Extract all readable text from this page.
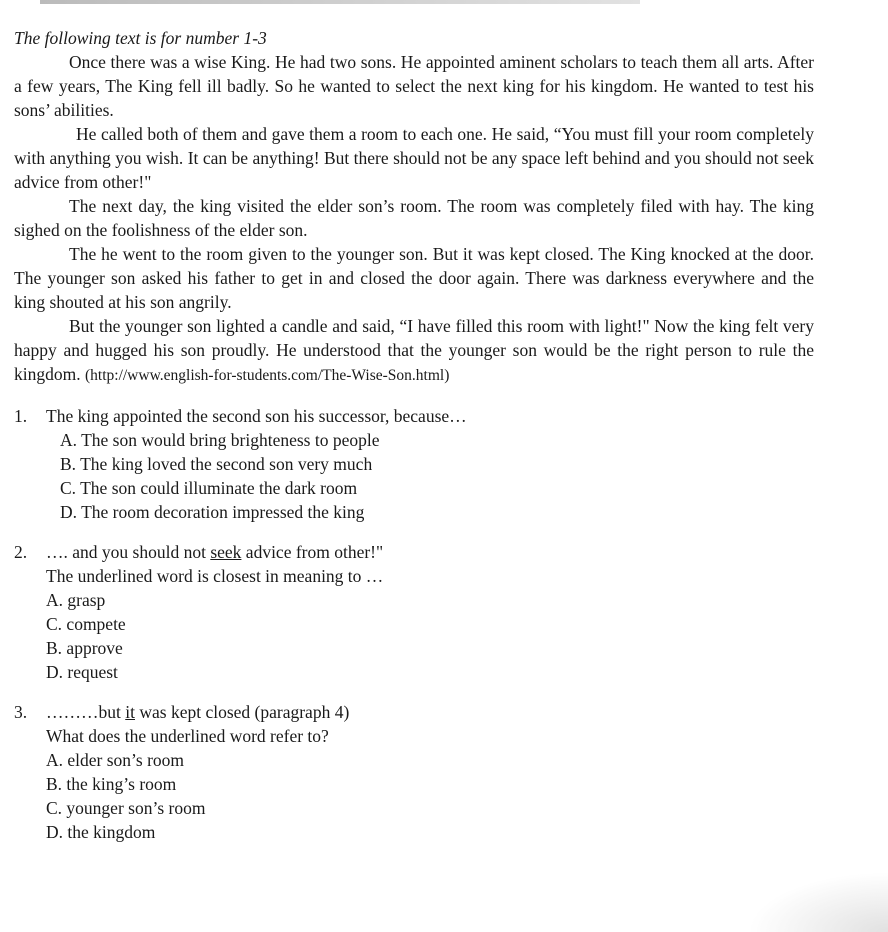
The following text is for number 1-3

Once there was a wise King. He had two sons. He appointed aminent scholars to teach them all arts. After a few years, The King fell ill badly. So he wanted to select the next king for his kingdom. He wanted to test his sons’ abilities.

He called both of them and gave them a room to each one. He said, “You must fill your room completely with anything you wish. It can be anything! But there should not be any space left behind and you should not seek advice from other!"

The next day, the king visited the elder son’s room. The room was completely filed with hay. The king sighed on the foolishness of the elder son.

The he went to the room given to the younger son. But it was kept closed. The King knocked at the door. The younger son asked his father to get in and closed the door again. There was darkness everywhere and the king shouted at his son angrily.

But the younger son lighted a candle and said, “I have filled this room with light!" Now the king felt very happy and hugged his son proudly. He understood that the younger son would be the right person to rule the kingdom. (http://www.english-for-students.com/The-Wise-Son.html)

1.	The king appointed the second son his successor, because…

A. The son would bring brighteness to people
B. The king loved the second son very much
C. The son could illuminate the dark room
D. The room decoration impressed the king

2.	…. and you should not seek advice from other!"

The underlined word is closest in meaning to …

A. grasp
C. compete
B. approve
D. request

3.	………but it was kept closed (paragraph 4)

What does the underlined word refer to?

A. elder son’s room
B. the king’s room
C. younger son’s room
D. the kingdom
